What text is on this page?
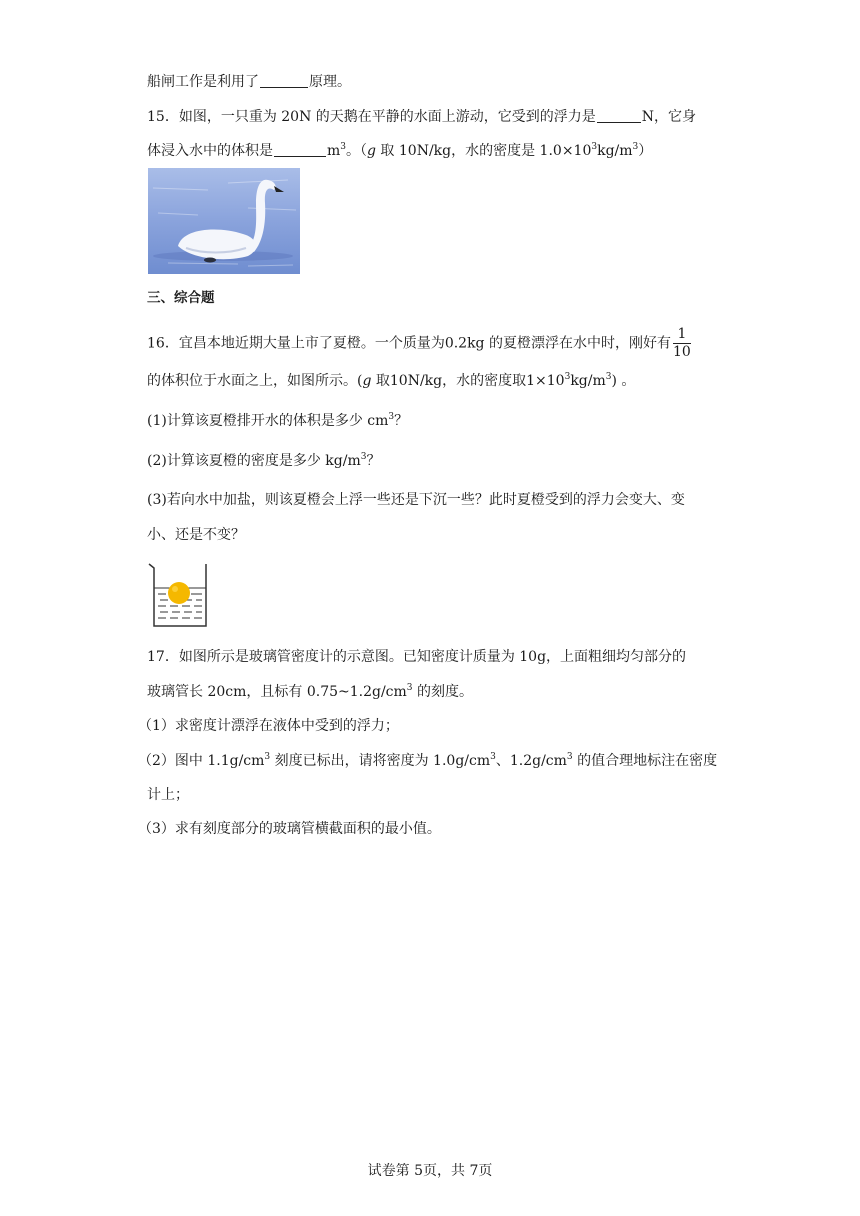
船闸工作是利用了	原理。
15．如图，一只重为 20N 的天鹅在平静的水面上游动，它受到的浮力是	N，它身
体浸入水中的体积是	$m^3$。（g 取 10N/kg，水的密度是 $1.0\times 10^3kg/m^3$）
三、综合题
16．宜昌本地近期大量上市了夏橙。一个质量为0.2kg 的夏橙漂浮在水中时，刚好有 $\frac{1}{10}$
的体积位于水面之上，如图所示。(g 取10N/kg，水的密度取$1\times 10^3kg/m^3$) 。
(1)计算该夏橙排开水的体积是多少 $cm^3$？
(2)计算该夏橙的密度是多少 $kg/m^3$？
(3)若向水中加盐，则该夏橙会上浮一些还是下沉一些？此时夏橙受到的浮力会变大、变
小、还是不变？
17．如图所示是玻璃管密度计的示意图。已知密度计质量为 10g，上面粗细均匀部分的
玻璃管长 20cm，且标有 $0.75\sim 1.2g/cm^3$ 的刻度。
（1）求密度计漂浮在液体中受到的浮力；
（2）图中 $1.1g/cm^3$ 刻度已标出，请将密度为 $1.0g/cm^3$、$1.2g/cm^3$ 的值合理地标注在密度
计上；
（3）求有刻度部分的玻璃管横截面积的最小值。
试卷第 5页，共 7页
